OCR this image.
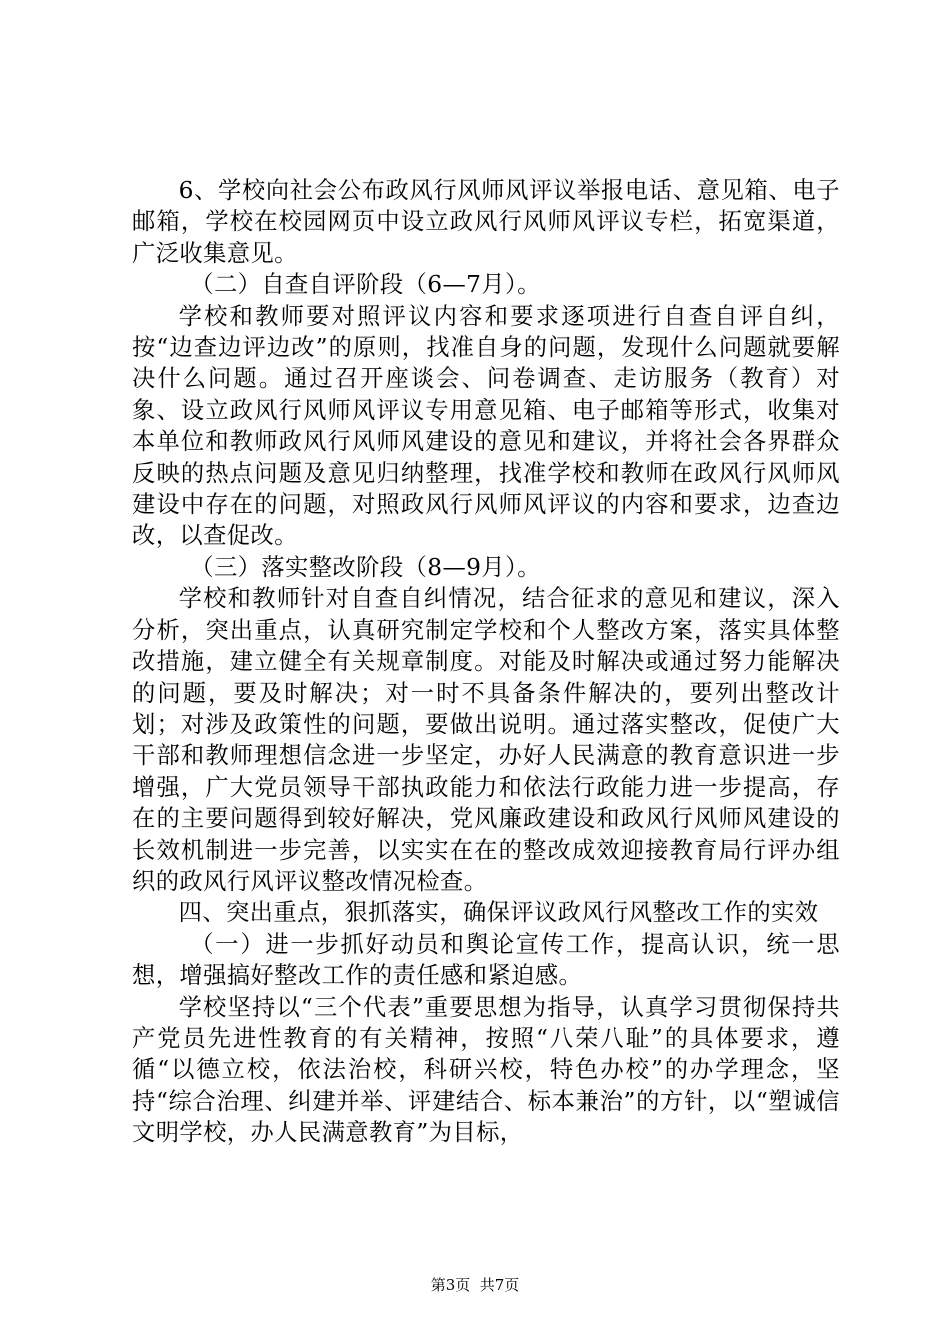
6、学校向社会公布政风行风师风评议举报电话、意见箱、电子邮箱，学校在校园网页中设立政风行风师风评议专栏，拓宽渠道，广泛收集意见。

（二）自查自评阶段（6—7月）。

学校和教师要对照评议内容和要求逐项进行自查自评自纠，按“边查边评边改”的原则，找准自身的问题，发现什么问题就要解决什么问题。通过召开座谈会、问卷调查、走访服务（教育）对象、设立政风行风师风评议专用意见箱、电子邮箱等形式，收集对本单位和教师政风行风师风建设的意见和建议，并将社会各界群众反映的热点问题及意见归纳整理，找准学校和教师在政风行风师风建设中存在的问题，对照政风行风师风评议的内容和要求，边查边改，以查促改。

（三）落实整改阶段（8—9月）。

学校和教师针对自查自纠情况，结合征求的意见和建议，深入分析，突出重点，认真研究制定学校和个人整改方案，落实具体整改措施，建立健全有关规章制度。对能及时解决或通过努力能解决的问题，要及时解决；对一时不具备条件解决的，要列出整改计划；对涉及政策性的问题，要做出说明。通过落实整改，促使广大干部和教师理想信念进一步坚定，办好人民满意的教育意识进一步增强，广大党员领导干部执政能力和依法行政能力进一步提高，存在的主要问题得到较好解决，党风廉政建设和政风行风师风建设的长效机制进一步完善，以实实在在的整改成效迎接教育局行评办组织的政风行风评议整改情况检查。

四、突出重点，狠抓落实，确保评议政风行风整改工作的实效

（一）进一步抓好动员和舆论宣传工作，提高认识，统一思想，增强搞好整改工作的责任感和紧迫感。

学校坚持以“三个代表”重要思想为指导，认真学习贯彻保持共产党员先进性教育的有关精神，按照“八荣八耻”的具体要求，遵循“以德立校，依法治校，科研兴校，特色办校”的办学理念，坚持“综合治理、纠建并举、评建结合、标本兼治”的方针，以“塑诚信文明学校，办人民满意教育”为目标，

第3页  共7页
